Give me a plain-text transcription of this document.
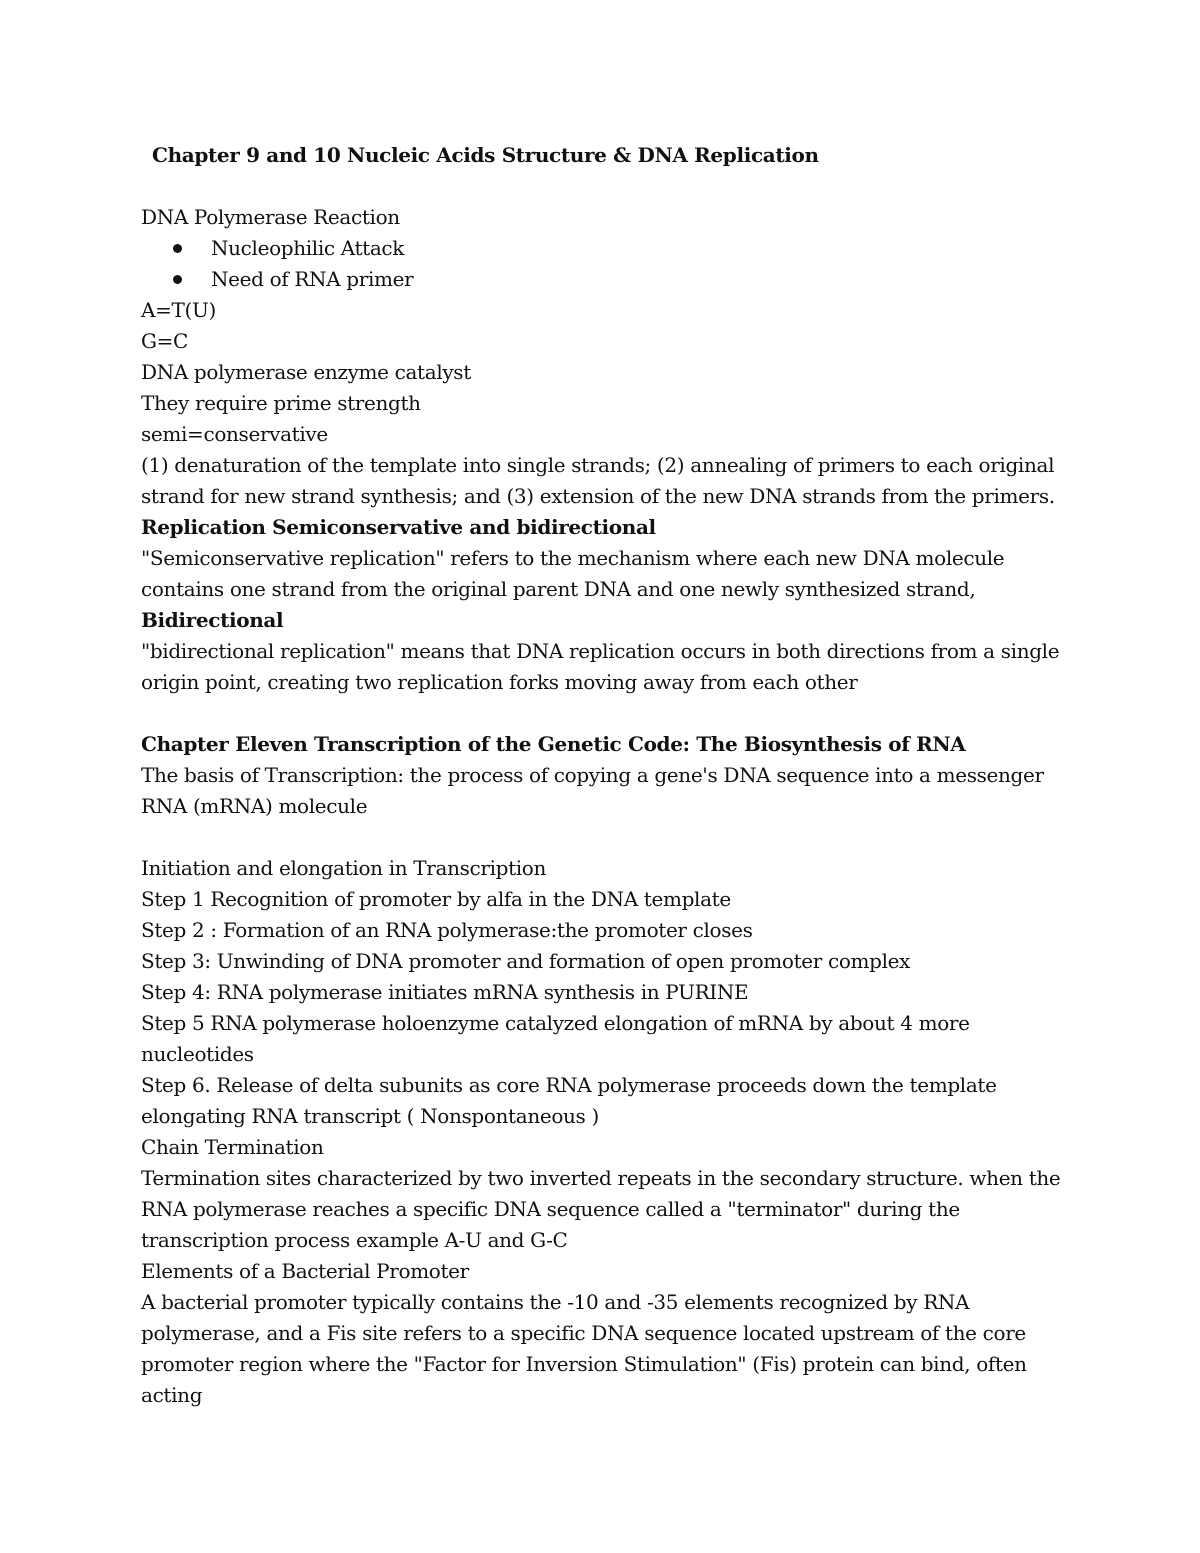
Chapter 9 and 10 Nucleic Acids Structure & DNA Replication

DNA Polymerase Reaction

Nucleophilic Attack
Need of RNA primer

A=T(U)

G=C

DNA polymerase enzyme catalyst

They require prime strength

semi=conservative

(1) denaturation of the template into single strands; (2) annealing of primers to each original strand for new strand synthesis; and (3) extension of the new DNA strands from the primers.

Replication Semiconservative and bidirectional

"Semiconservative replication" refers to the mechanism where each new DNA molecule contains one strand from the original parent DNA and one newly synthesized strand,

Bidirectional

"bidirectional replication" means that DNA replication occurs in both directions from a single origin point, creating two replication forks moving away from each other

Chapter Eleven Transcription of the Genetic Code: The Biosynthesis of RNA

The basis of Transcription: the process of copying a gene's DNA sequence into a messenger RNA (mRNA) molecule

Initiation and elongation in Transcription

Step 1 Recognition of promoter by alfa in the DNA template

Step 2 : Formation of an RNA polymerase:the promoter closes

Step 3: Unwinding of DNA promoter and formation of open promoter complex

Step 4: RNA polymerase initiates mRNA synthesis in PURINE

Step 5 RNA polymerase holoenzyme catalyzed elongation of mRNA by about 4 more nucleotides

Step 6. Release of delta subunits as core RNA polymerase proceeds down the template elongating RNA transcript ( Nonspontaneous )

Chain Termination

Termination sites characterized by two inverted repeats in the secondary structure. when the RNA polymerase reaches a specific DNA sequence called a "terminator" during the transcription process example A-U and G-C

Elements of a Bacterial Promoter

A bacterial promoter typically contains the -10 and -35 elements recognized by RNA polymerase, and a Fis site refers to a specific DNA sequence located upstream of the core promoter region where the "Factor for Inversion Stimulation" (Fis) protein can bind, often acting
